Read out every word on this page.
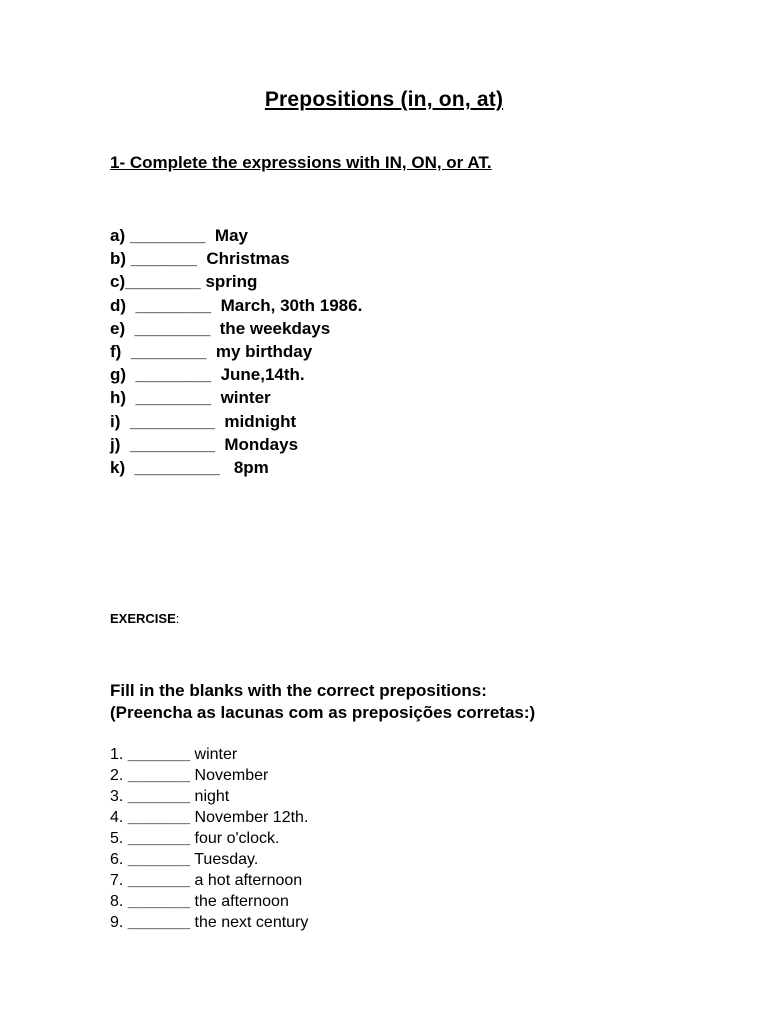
Prepositions (in, on, at)
1- Complete the expressions with IN, ON, or AT.
a) ________  May
b) _______  Christmas
c)________ spring
d)  ________  March, 30th 1986.
e)  ________  the weekdays
f)  ________  my birthday
g)  ________  June,14th.
h)  ________  winter
i)  _________  midnight
j)  _________  Mondays
k)  _________   8pm
EXERCISE:
Fill in the blanks with the correct prepositions:
(Preencha as lacunas com as preposições corretas:)
1. _______ winter
2. _______ November
3. _______ night
4. _______ November 12th.
5. _______ four o'clock.
6. _______ Tuesday.
7. _______ a hot afternoon
8. _______ the afternoon
9. _______ the next century
